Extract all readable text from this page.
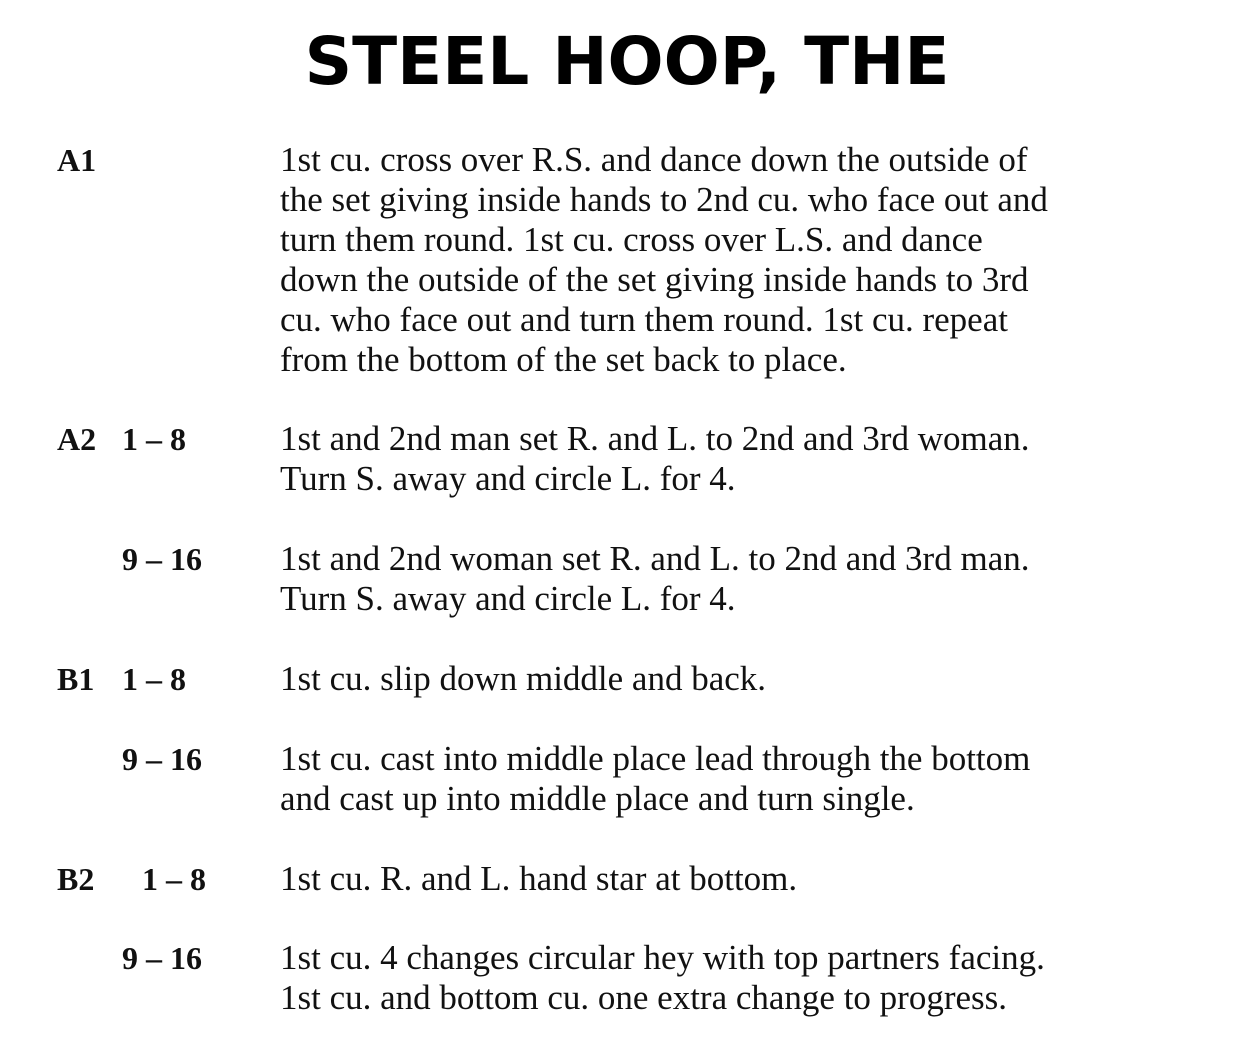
STEEL HOOP, THE
A1	1st cu. cross over R.S. and dance down the outside of
the set giving inside hands to 2nd cu. who face out and
turn them round. 1st cu. cross over L.S. and dance
down the outside of the set giving inside hands to 3rd
cu. who face out and turn them round. 1st cu. repeat
from the bottom of the set back to place.
A2 1 – 8	1st and 2nd man set R. and L. to 2nd and 3rd woman.
Turn S. away and circle L. for 4.
9 – 16 1st and 2nd woman set R. and L. to 2nd and 3rd man.
Turn S. away and circle L. for 4.
B1 1 – 8	1st cu. slip down middle and back.
9 – 16 1st cu. cast into middle place lead through the bottom
and cast up into middle place and turn single.
B2 1 – 8 1st cu. R. and L. hand star at bottom.
9 – 16 1st cu. 4 changes circular hey with top partners facing.
1st cu. and bottom cu. one extra change to progress.
